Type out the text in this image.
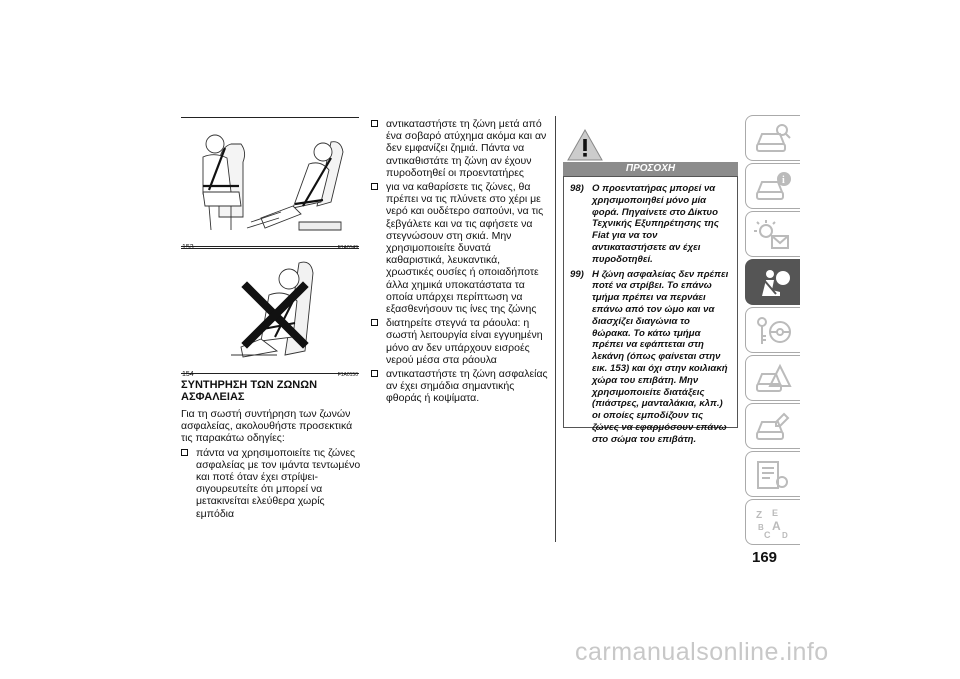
153	F1A0149
154	F1A0150
ΣΥΝΤΗΡΗΣΗ ΤΩΝ ΖΩΝΩΝ ΑΣΦΑΛΕΙΑΣ

Για τη σωστή συντήρηση των ζωνών ασφαλείας, ακολουθήστε προσεκτικά τις παρακάτω οδηγίες:

πάντα να χρησιμοποιείτε τις ζώνες ασφαλείας με τον ιμάντα τεντωμένο και ποτέ όταν έχει στρίψει-σιγουρευτείτε ότι μπορεί να μετακινείται ελεύθερα χωρίς εμπόδια

αντικαταστήστε τη ζώνη μετά από ένα σοβαρό ατύχημα ακόμα και αν δεν εμφανίζει ζημιά. Πάντα να αντικαθιστάτε τη ζώνη αν έχουν πυροδοτηθεί οι προεντατήρες

για να καθαρίσετε τις ζώνες, θα πρέπει να τις πλύνετε στο χέρι με νερό και ουδέτερο σαπούνι, να τις ξεβγάλετε και να τις αφήσετε να στεγνώσουν στη σκιά. Μην χρησιμοποιείτε δυνατά καθαριστικά, λευκαντικά, χρωστικές ουσίες ή οποιαδήποτε άλλα χημικά υποκατάστατα τα οποία υπάρχει περίπτωση να εξασθενήσουν τις ίνες της ζώνης

διατηρείτε στεγνά τα ράουλα: η σωστή λειτουργία είναι εγγυημένη μόνο αν δεν υπάρχουν εισροές νερού μέσα στα ράουλα

αντικαταστήστε τη ζώνη ασφαλείας αν έχει σημάδια σημαντικής φθοράς ή κοψίματα.

ΠΡΟΣΟΧΗ
98) Ο προεντατήρας μπορεί να χρησιμοποιηθεί μόνο μία φορά. Πηγαίνετε στο Δίκτυο Τεχνικής Εξυπηρέτησης της Fiat για να τον αντικαταστήσετε αν έχει πυροδοτηθεί.
99) Η ζώνη ασφαλείας δεν πρέπει ποτέ να στρίβει. Το επάνω τμήμα πρέπει να περνάει επάνω από τον ώμο και να διασχίζει διαγώνια το θώρακα. Το κάτω τμήμα πρέπει να εφάπτεται στη λεκάνη (όπως φαίνεται στην εικ. 153) και όχι στην κοιλιακή χώρα του επιβάτη. Μην χρησιμοποιείτε διατάξεις (πιάστρες, μανταλάκια, κλπ.) οι οποίες εμποδίζουν τις ζώνες να εφαρμόσουν επάνω στο σώμα του επιβάτη.
i
Z E
B A
C D
169
carmanualsonline.info
